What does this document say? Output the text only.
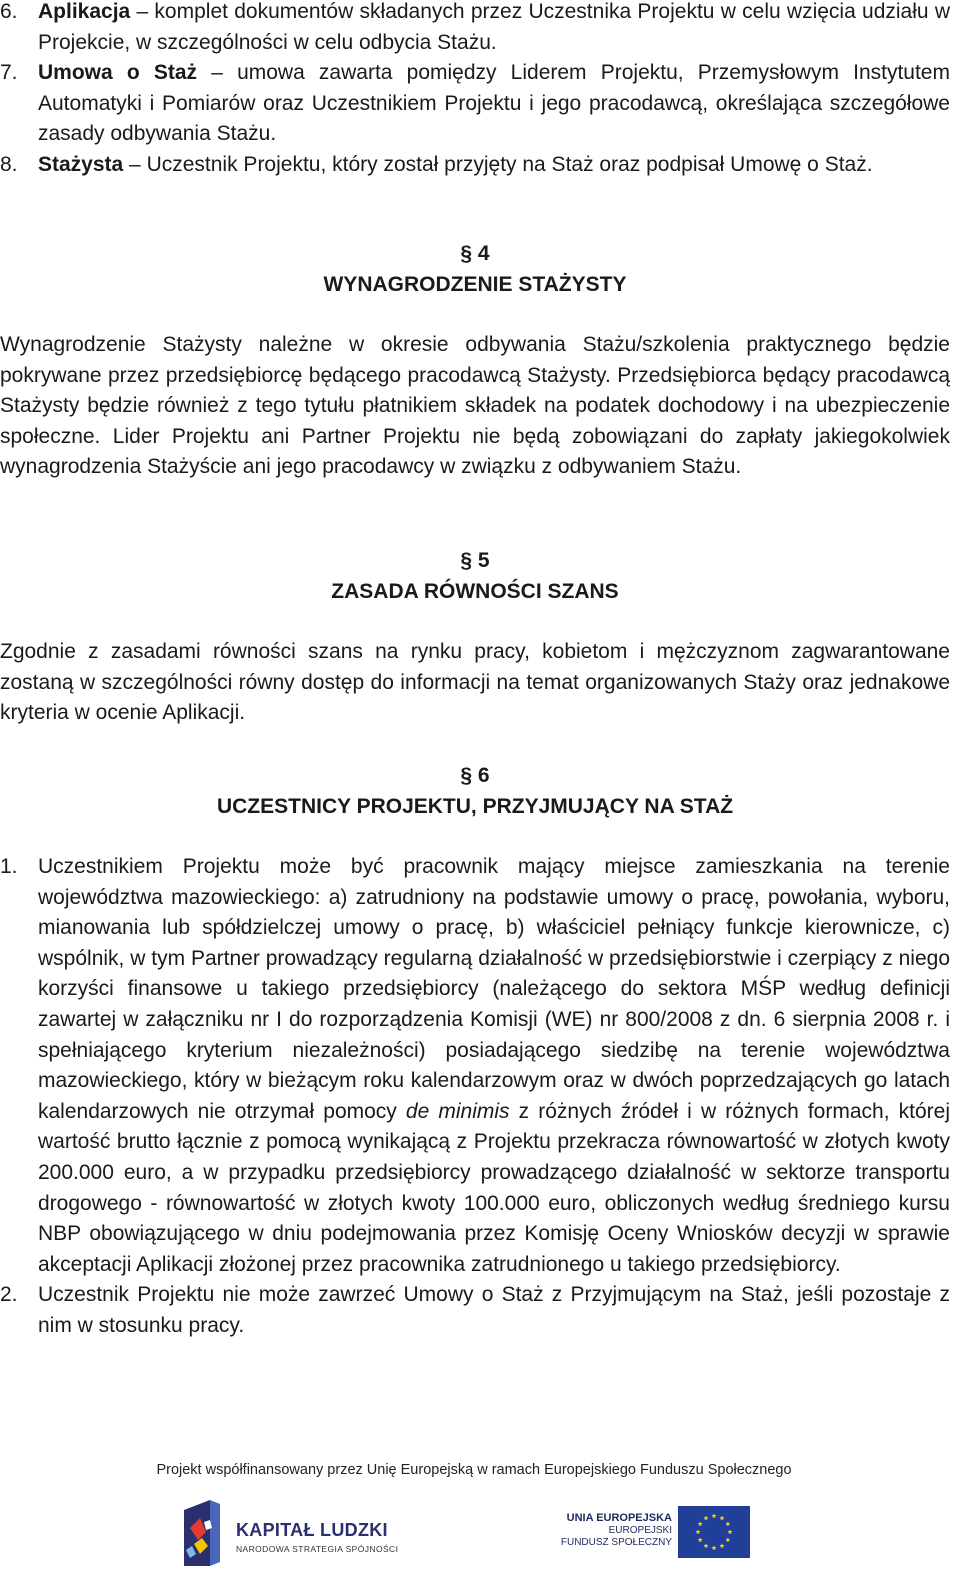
6. Aplikacja – komplet dokumentów składanych przez Uczestnika Projektu w celu wzięcia udziału w Projekcie, w szczególności w celu odbycia Stażu.
7. Umowa o Staż – umowa zawarta pomiędzy Liderem Projektu, Przemysłowym Instytutem Automatyki i Pomiarów oraz Uczestnikiem Projektu i jego pracodawcą, określająca szczegółowe zasady odbywania Stażu.
8. Stażysta – Uczestnik Projektu, który został przyjęty na Staż oraz podpisał Umowę o Staż.
§ 4
WYNAGRODZENIE STAŻYSTY
Wynagrodzenie Stażysty należne w okresie odbywania Stażu/szkolenia praktycznego będzie pokrywane przez przedsiębiorcę będącego pracodawcą Stażysty. Przedsiębiorca będący pracodawcą Stażysty będzie również z tego tytułu płatnikiem składek na podatek dochodowy i na ubezpieczenie społeczne. Lider Projektu ani Partner Projektu nie będą zobowiązani do zapłaty jakiegokolwiek wynagrodzenia Stażyście ani jego pracodawcy w związku z odbywaniem Stażu.
§ 5
ZASADA RÓWNOŚCI SZANS
Zgodnie z zasadami równości szans na rynku pracy, kobietom i mężczyznom zagwarantowane zostaną w szczególności równy dostęp do informacji na temat organizowanych Staży oraz jednakowe kryteria w ocenie Aplikacji.
§ 6
UCZESTNICY PROJEKTU, PRZYJMUJĄCY NA STAŻ
1. Uczestnikiem Projektu może być pracownik mający miejsce zamieszkania na terenie województwa mazowieckiego: a) zatrudniony na podstawie umowy o pracę, powołania, wyboru, mianowania lub spółdzielczej umowy o pracę, b) właściciel pełniący funkcje kierownicze, c) wspólnik, w tym Partner prowadzący regularną działalność w przedsiębiorstwie i czerpiący z niego korzyści finansowe u takiego przedsiębiorcy (należącego do sektora MŚP według definicji zawartej w załączniku nr I do rozporządzenia Komisji (WE) nr 800/2008 z dn. 6 sierpnia 2008 r. i spełniającego kryterium niezależności) posiadającego siedzibę na terenie województwa mazowieckiego, który w bieżącym roku kalendarzowym oraz w dwóch poprzedzających go latach kalendarzowych nie otrzymał pomocy de minimis z różnych źródeł i w różnych formach, której wartość brutto łącznie z pomocą wynikającą z Projektu przekracza równowartość w złotych kwoty 200.000 euro, a w przypadku przedsiębiorcy prowadzącego działalność w sektorze transportu drogowego - równowartość w złotych kwoty 100.000 euro, obliczonych według średniego kursu NBP obowiązującego w dniu podejmowania przez Komisję Oceny Wniosków decyzji w sprawie akceptacji Aplikacji złożonej przez pracownika zatrudnionego u takiego przedsiębiorcy.
2. Uczestnik Projektu nie może zawrzeć Umowy o Staż z Przyjmującym na Staż, jeśli pozostaje z nim w stosunku pracy.
Projekt współfinansowany przez Unię Europejską w ramach Europejskiego Funduszu Społecznego
KAPITAŁ LUDZKI
NARODOWA STRATEGIA SPÓJNOŚCI
UNIA EUROPEJSKA
EUROPEJSKI
FUNDUSZ SPOŁECZNY
